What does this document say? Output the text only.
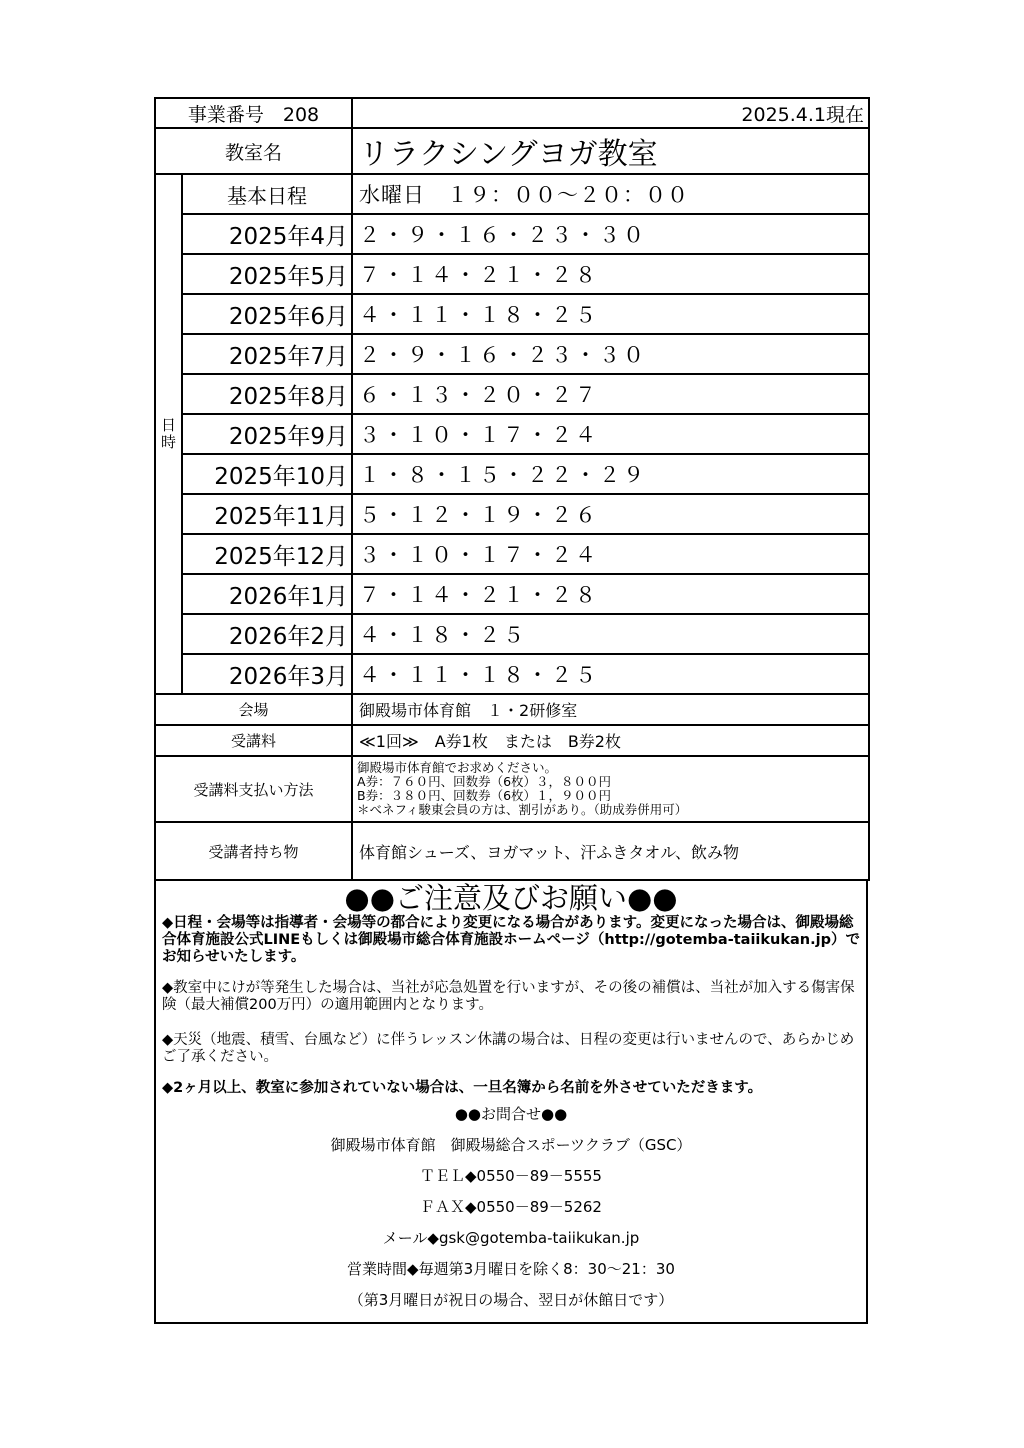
事業番号　208		2025.4.1現在
教室名		リラクシングヨガ教室

日
時	基本日程	水曜日　１９：００～２０：００
	2025年4月	２・９・１６・２３・３０
	2025年5月	７・１４・２１・２８
	2025年6月	４・１１・１８・２５
	2025年7月	２・９・１６・２３・３０
	2025年8月	６・１３・２０・２７
	2025年9月	３・１０・１７・２４
	2025年10月	１・８・１５・２２・２９
	2025年11月	５・１２・１９・２６
	2025年12月	３・１０・１７・２４
	2026年1月	７・１４・２１・２８
	2026年2月	４・１８・２５
	2026年3月	４・１１・１８・２５
会場		御殿場市体育館　１・2研修室
受講料		≪1回≫　A券1枚　または　B券2枚
受講料支払い方法		御殿場市体育館でお求めください。
A券：７６０円、回数券（6枚）３，８００円
B券：３８０円、回数券（6枚）１，９００円
＊べネフィ駿東会員の方は、割引があり。（助成券併用可）

受講者持ち物		体育館シューズ、ヨガマット、汗ふきタオル、飲み物
●●ご注意及びお願い●●

◆日程・会場等は指導者・会場等の都合により変更になる場合があります。変更になった場合は、御殿場総合体育施設公式LINEもしくは御殿場市総合体育施設ホームページ（http://gotemba-taiikukan.jp）でお知らせいたします。

◆教室中にけが等発生した場合は、当社が応急処置を行いますが、その後の補償は、当社が加入する傷害保険（最大補償200万円）の適用範囲内となります。

◆天災（地震、積雪、台風など）に伴うレッスン休講の場合は、日程の変更は行いませんので、あらかじめご了承ください。

◆2ヶ月以上、教室に参加されていない場合は、一旦名簿から名前を外させていただきます。

●●お問合せ●●
御殿場市体育館　御殿場総合スポーツクラブ（GSC）
ＴＥＬ◆0550－89－5555
ＦＡＸ◆0550－89－5262
メール◆gsk@gotemba-taiikukan.jp
営業時間◆毎週第3月曜日を除く8：30～21：30
（第3月曜日が祝日の場合、翌日が休館日です）
